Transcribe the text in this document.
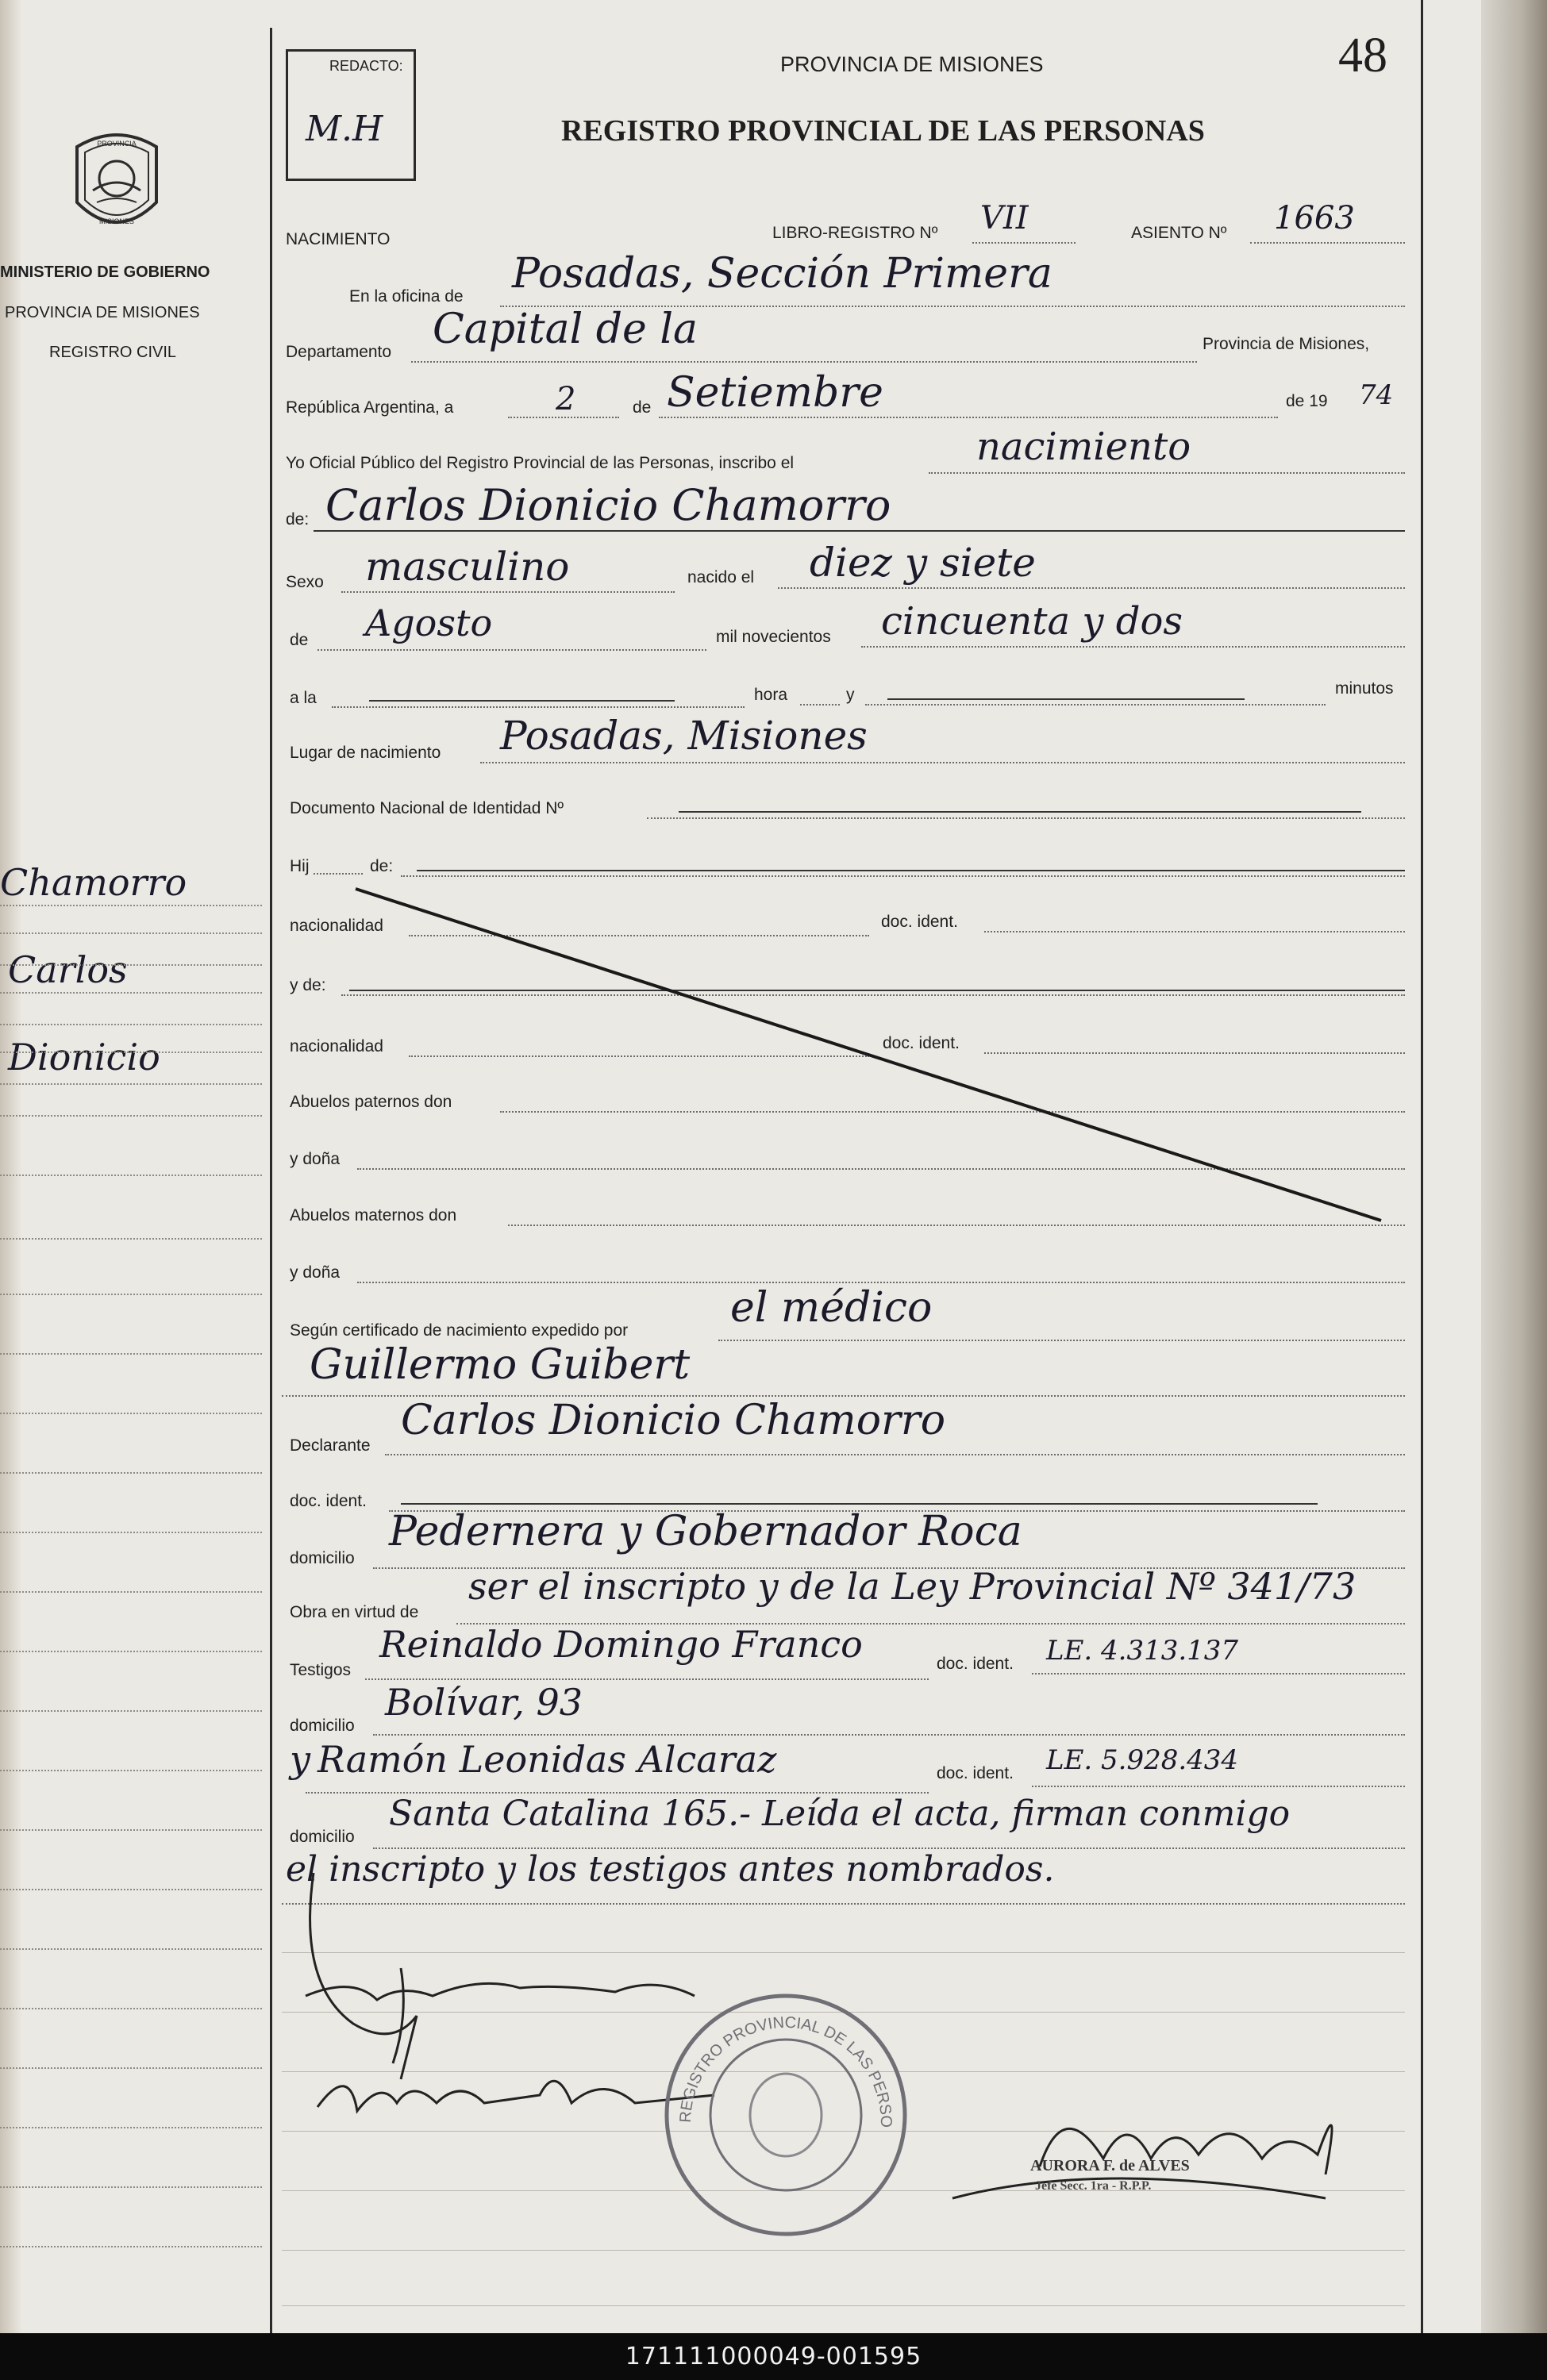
PROVINCIA
MISIONES
MINISTERIO DE GOBIERNO
PROVINCIA DE MISIONES
REGISTRO CIVIL
Chamorro
Carlos
Dionicio
REDACTO:
M.H
PROVINCIA DE MISIONES
REGISTRO PROVINCIAL DE LAS PERSONAS
48
NACIMIENTO	LIBRO-REGISTRO Nº VII	ASIENTO Nº 1663
En la oficina de Posadas, Sección Primera
Departamento Capital de la	Provincia de Misiones,
República Argentina, a	2	de Setiembre	de 19 74
Yo Oficial Público del Registro Provincial de las Personas, inscribo el	nacimiento
de: Carlos Dionicio Chamorro
Sexo masculino	nacido el diez y siete
de Agosto	mil novecientos cincuenta y dos
a la	hora	y	minutos
Lugar de nacimiento Posadas, Misiones
Documento Nacional de Identidad Nº
Hij	de:
nacionalidad	doc. ident.
y de:
nacionalidad	doc. ident.
Abuelos paternos don
y doña
Abuelos maternos don
y doña
Según certificado de nacimiento expedido por el médico
Guillermo Guibert
Declarante
Carlos Dionicio Chamorro
doc. ident.
domicilio
Pedernera y Gobernador Roca
Obra en virtud de
ser el inscripto y de la Ley Provincial Nº 341/73
Testigos
Reinaldo Domingo Franco	doc. ident. LE. 4.313.137
domicilio
Bolívar, 93
y Ramón Leonidas Alcaraz	doc. ident. LE. 5.928.434
domicilio
Santa Catalina 165.- Leída el acta, firman conmigo
el inscripto y los testigos antes nombrados.
REGISTRO PROVINCIAL DE LAS PERSO
AURORA F. de ALVES
Jefe Secc. 1ra - R.P.P.
171111000049-001595
